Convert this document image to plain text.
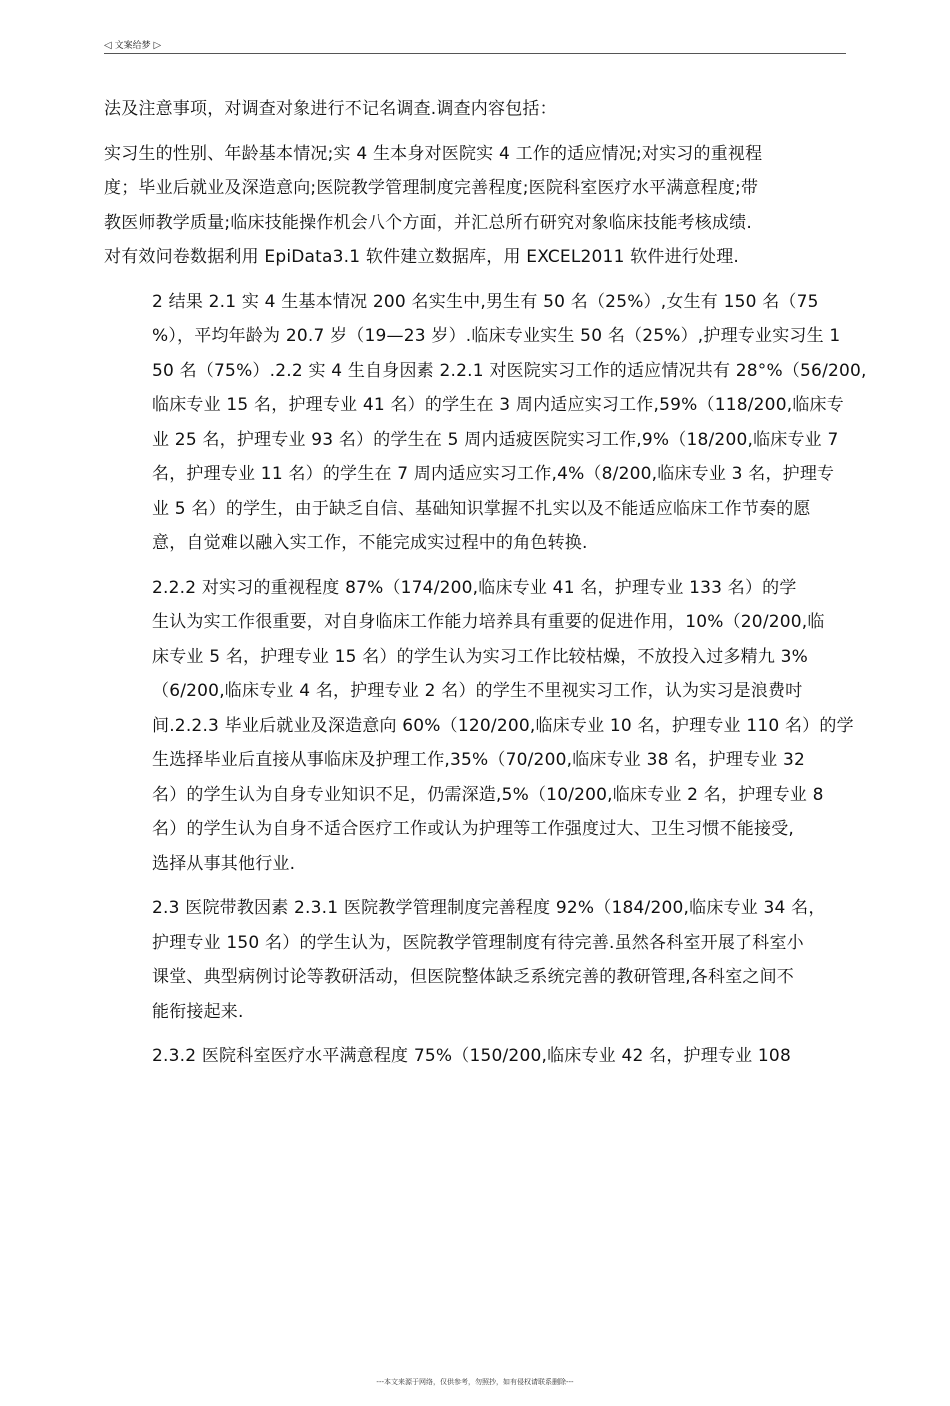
◁ 文案给梦 ▷

法及注意事项，对调查对象进行不记名调查.调查内容包括：

实习生的性别、年龄基本情况;实 4 生本身对医院实 4 工作的适应情况;对实习的重视程
度；毕业后就业及深造意向;医院教学管理制度完善程度;医院科室医疗水平满意程度;带
教医师教学质量;临床技能操作机会八个方面，并汇总所冇研究对象临床技能考核成绩.
对有效问卷数据利用 EpiData3.1 软件建立数据库，用 EXCEL2011 软件进行处理.

2 结果 2.1 实 4 生基本情况 200 名实生中,男生有 50 名（25%）,女生有 150 名（75
%），平均年龄为 20.7 岁（19—23 岁）.临床专业实生 50 名（25%）,护理专业实习生 1
50 名（75%）.2.2 实 4 生自身因素 2.2.1 对医院实习工作的适应情况共有 28°%（56/200,
临床专业 15 名，护理专业 41 名）的学生在 3 周内适应实习工作,59%（118/200,临床专
业 25 名，护理专业 93 名）的学生在 5 周内适疲医院实习工作,9%（18/200,临床专业 7
名，护理专业 11 名）的学生在 7 周内适应实习工作,4%（8/200,临床专业 3 名，护理专
业 5 名）的学生，由于缺乏自信、基础知识掌握不扎实以及不能适应临床工作节奏的愿
意，自觉难以融入实工作，不能完成实过程中的角色转换.

2.2.2 对实习的重视程度 87%（174/200,临床专业 41 名，护理专业 133 名）的学
生认为实工作很重要，对自身临床工作能力培养具有重要的促进作用，10%（20/200,临
床专业 5 名，护理专业 15 名）的学生认为实习工作比较枯燥，不放投入过多精九 3%
（6/200,临床专业 4 名，护理专业 2 名）的学生不里视实习工作，认为实习是浪费吋
间.2.2.3 毕业后就业及深造意向 60%（120/200,临床专业 10 名，护理专业 110 名）的学
生选择毕业后直接从事临床及护理工作,35%（70/200,临床专业 38 名，护理专业 32
名）的学生认为自身专业知识不足，仍需深造,5%（10/200,临床专业 2 名，护理专业 8
名）的学生认为自身不适合医疗工作或认为护理等工作强度过大、卫生习惯不能接受,
选择从事其他行业.

2.3 医院带教因素 2.3.1 医院教学管理制度完善程度 92%（184/200,临床专业 34 名，
护理专业 150 名）的学生认为，医院教学管理制度有待完善.虽然各科室开展了科室小
课堂、典型病例讨论等教研活动，但医院整体缺乏系统完善的教研管理,各科室之间不
能衔接起来.

2.3.2 医院科室医疗水平满意程度 75%（150/200,临床专业 42 名，护理专业 108

---本文来源于网络，仅供参考，勿照抄，如有侵权请联系删除---
